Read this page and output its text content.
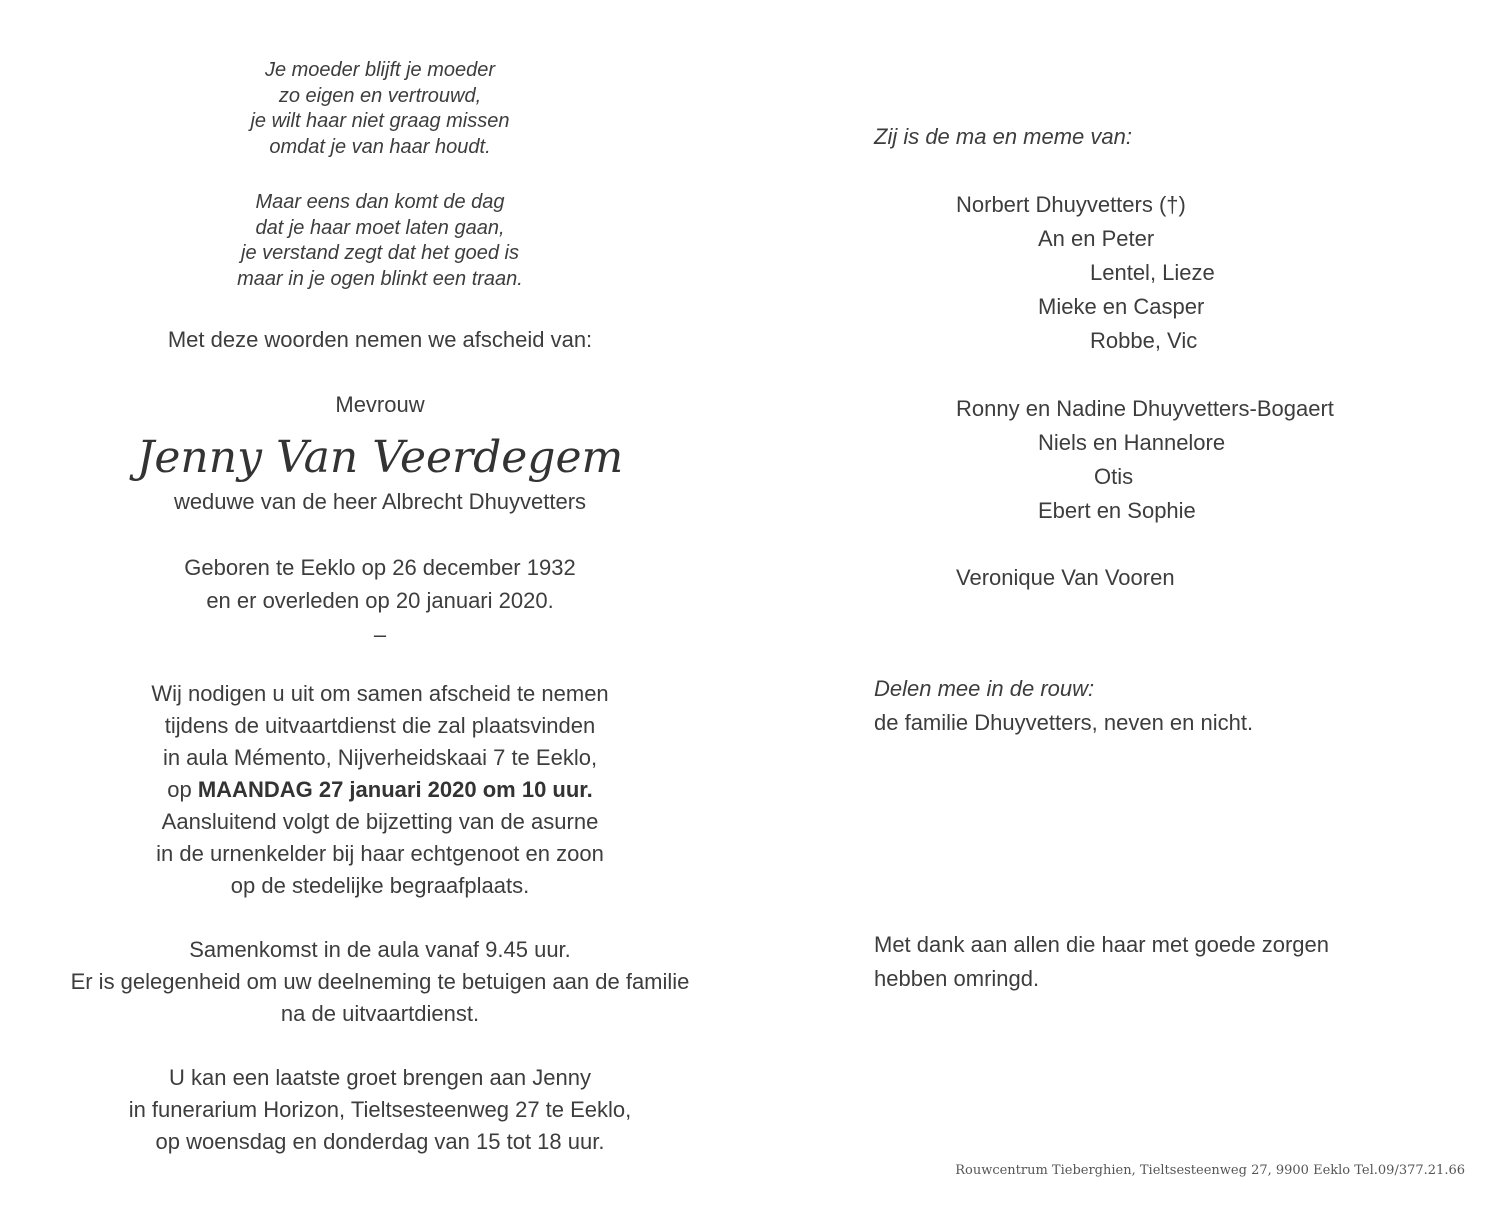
Je moeder blijft je moeder
zo eigen en vertrouwd,
je wilt haar niet graag missen
omdat je van haar houdt.
Maar eens dan komt de dag
dat je haar moet laten gaan,
je verstand zegt dat het goed is
maar in je ogen blinkt een traan.
Met deze woorden nemen we afscheid van:
Mevrouw
Jenny Van Veerdegem
weduwe van de heer Albrecht Dhuyvetters
Geboren te Eeklo op 26 december 1932
en er overleden op 20 januari 2020.
–
Wij nodigen u uit om samen afscheid te nemen
tijdens de uitvaartdienst die zal plaatsvinden
in aula Mémento, Nijverheidskaai 7 te Eeklo,
op MAANDAG 27 januari 2020 om 10 uur.
Aansluitend volgt de bijzetting van de asurne
in de urnenkelder bij haar echtgenoot en zoon
op de stedelijke begraafplaats.
Samenkomst in de aula vanaf 9.45 uur.
Er is gelegenheid om uw deelneming te betuigen aan de familie
na de uitvaartdienst.
U kan een laatste groet brengen aan Jenny
in funerarium Horizon, Tieltsesteenweg 27 te Eeklo,
op woensdag en donderdag van 15 tot 18 uur.
Zij is de ma en meme van:
Norbert Dhuyvetters (†)
An en Peter
Lentel, Lieze
Mieke en Casper
Robbe, Vic
Ronny en Nadine Dhuyvetters-Bogaert
Niels en Hannelore
Otis
Ebert en Sophie
Veronique Van Vooren
Delen mee in de rouw:
de familie Dhuyvetters, neven en nicht.
Met dank aan allen die haar met goede zorgen
hebben omringd.
Rouwcentrum Tieberghien, Tieltsesteenweg 27, 9900 Eeklo Tel.09/377.21.66
